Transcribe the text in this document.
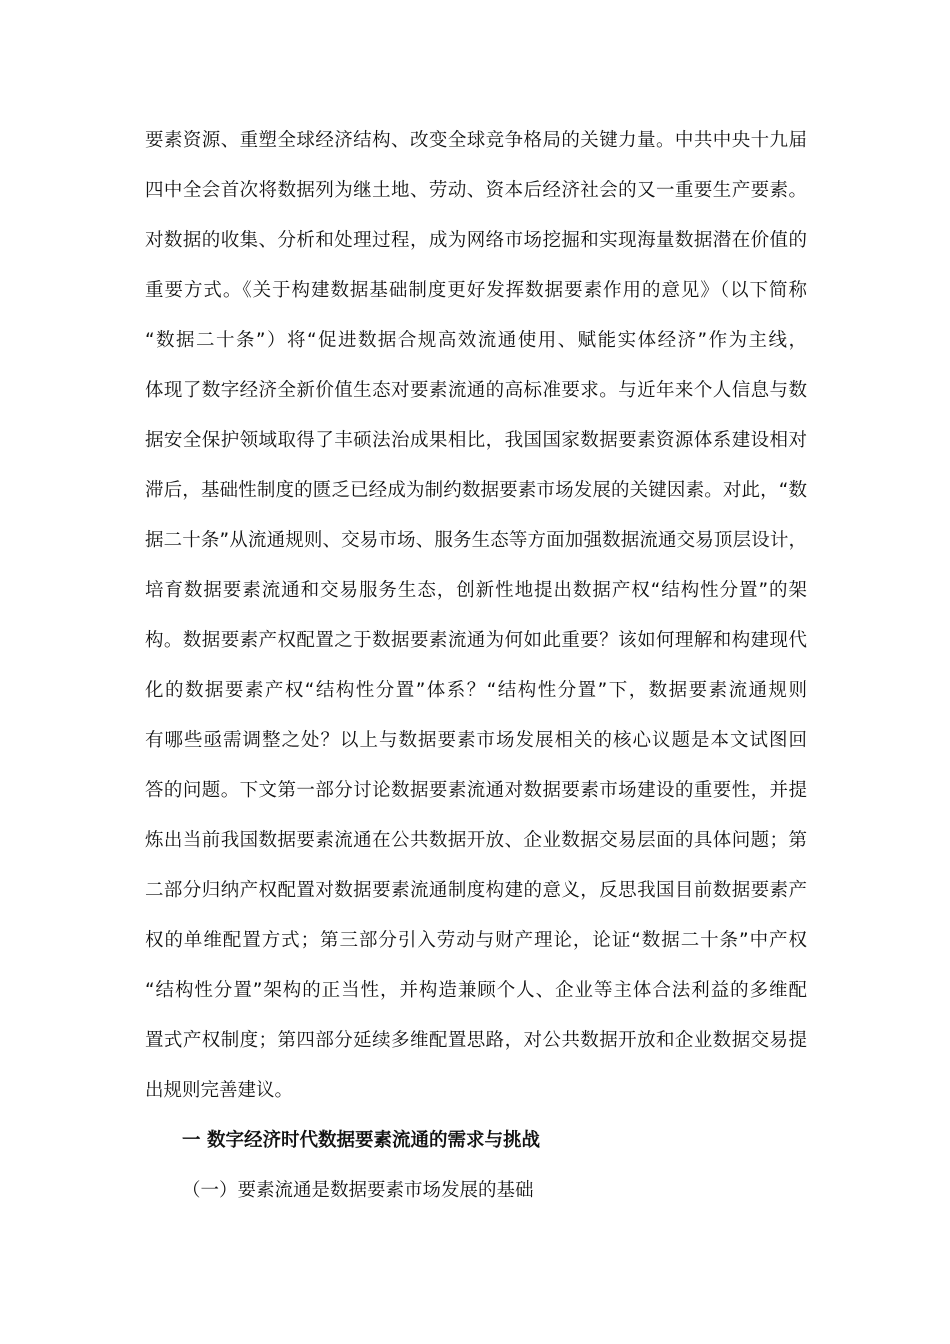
要素资源、重塑全球经济结构、改变全球竞争格局的关键力量。中共中央十九届
四中全会首次将数据列为继土地、劳动、资本后经济社会的又一重要生产要素。
对数据的收集、分析和处理过程，成为网络市场挖掘和实现海量数据潜在价值的
重要方式。《关于构建数据基础制度更好发挥数据要素作用的意见》（以下简称
“数据二十条”）将“促进数据合规高效流通使用、赋能实体经济”作为主线，
体现了数字经济全新价值生态对要素流通的高标准要求。与近年来个人信息与数
据安全保护领域取得了丰硕法治成果相比，我国国家数据要素资源体系建设相对
滞后，基础性制度的匮乏已经成为制约数据要素市场发展的关键因素。对此，“数
据二十条”从流通规则、交易市场、服务生态等方面加强数据流通交易顶层设计，
培育数据要素流通和交易服务生态，创新性地提出数据产权“结构性分置”的架
构。数据要素产权配置之于数据要素流通为何如此重要？该如何理解和构建现代
化的数据要素产权“结构性分置”体系？“结构性分置”下，数据要素流通规则
有哪些亟需调整之处？以上与数据要素市场发展相关的核心议题是本文试图回
答的问题。下文第一部分讨论数据要素流通对数据要素市场建设的重要性，并提
炼出当前我国数据要素流通在公共数据开放、企业数据交易层面的具体问题；第
二部分归纳产权配置对数据要素流通制度构建的意义，反思我国目前数据要素产
权的单维配置方式；第三部分引入劳动与财产理论，论证“数据二十条”中产权
“结构性分置”架构的正当性，并构造兼顾个人、企业等主体合法利益的多维配
置式产权制度；第四部分延续多维配置思路，对公共数据开放和企业数据交易提
出规则完善建议。
一 数字经济时代数据要素流通的需求与挑战
（一）要素流通是数据要素市场发展的基础
